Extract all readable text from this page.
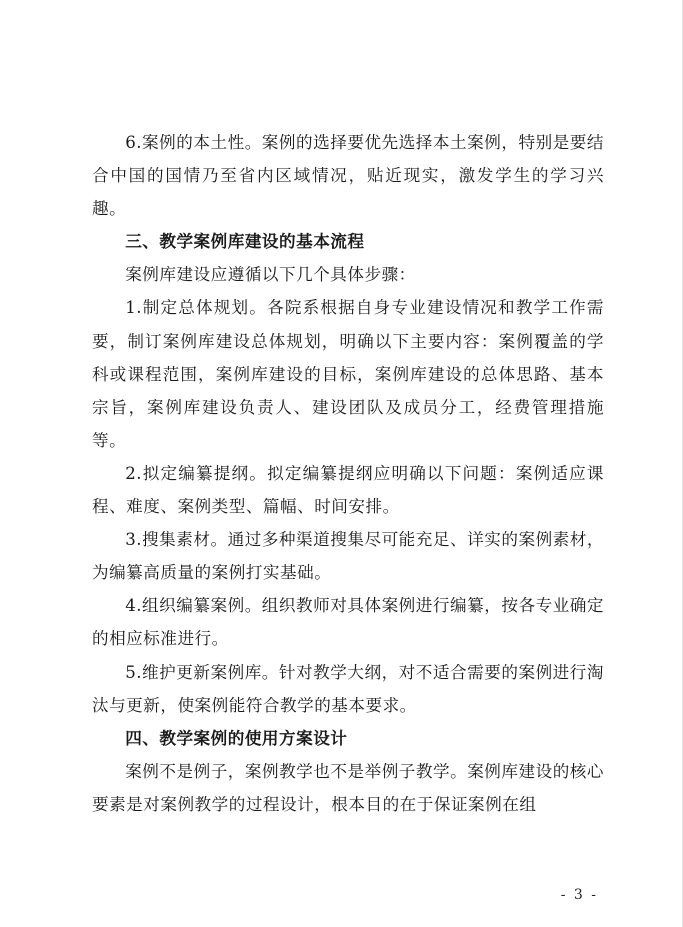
6.案例的本土性。案例的选择要优先选择本土案例，特别是要结合中国的国情乃至省内区域情况，贴近现实，激发学生的学习兴趣。

三、教学案例库建设的基本流程

案例库建设应遵循以下几个具体步骤：

1.制定总体规划。各院系根据自身专业建设情况和教学工作需要，制订案例库建设总体规划，明确以下主要内容：案例覆盖的学科或课程范围，案例库建设的目标，案例库建设的总体思路、基本宗旨，案例库建设负责人、建设团队及成员分工，经费管理措施等。

2.拟定编纂提纲。拟定编纂提纲应明确以下问题：案例适应课程、难度、案例类型、篇幅、时间安排。

3.搜集素材。通过多种渠道搜集尽可能充足、详实的案例素材，为编纂高质量的案例打实基础。

4.组织编纂案例。组织教师对具体案例进行编纂，按各专业确定的相应标准进行。

5.维护更新案例库。针对教学大纲，对不适合需要的案例进行淘汰与更新，使案例能符合教学的基本要求。

四、教学案例的使用方案设计

案例不是例子，案例教学也不是举例子教学。案例库建设的核心要素是对案例教学的过程设计，根本目的在于保证案例在组

- 3 -
